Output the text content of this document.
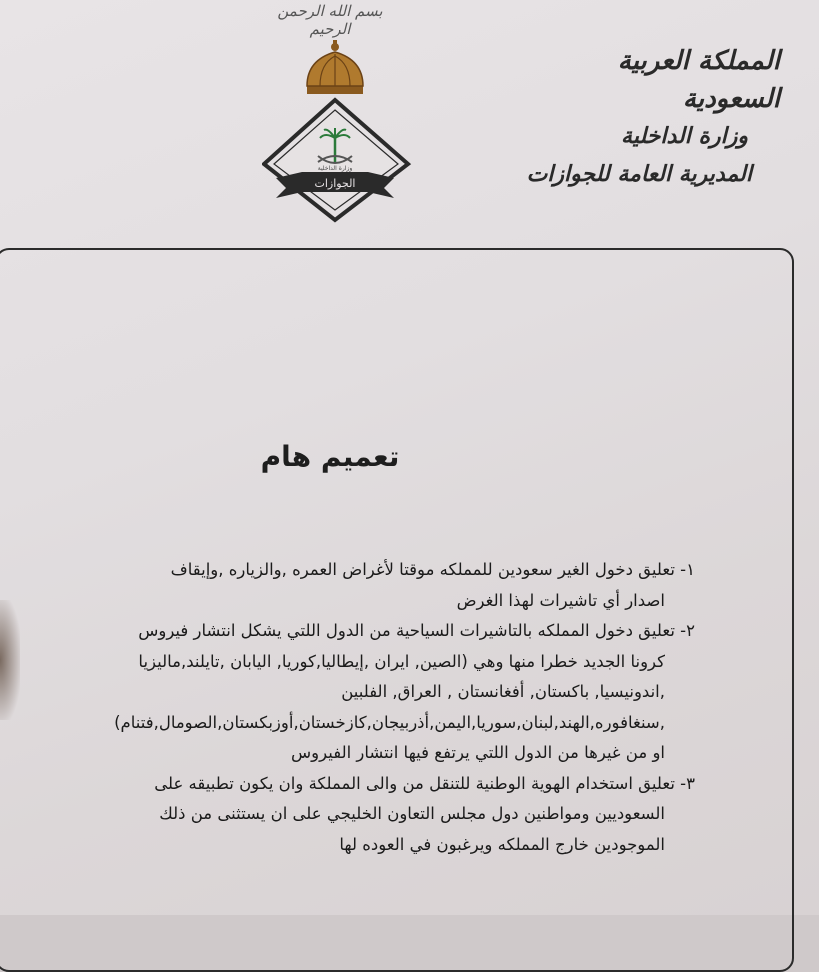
بسم الله الرحمن الرحيم
الجوازات
وزارة الداخلية
المملكة العربية السعودية
وزارة الداخلية
المديرية العامة للجوازات
تعميم هام
١- تعليق دخول الغير سعودين للمملكه موقتا لأغراض العمره ,والزياره ,وإيقاف
اصدار أي تاشيرات لهذا الغرض
٢- تعليق دخول المملكه بالتاشيرات السياحية من الدول اللتي يشكل انتشار فيروس
كرونا الجديد خطرا منها وهي (الصين, ايران ,إيطاليا,كوريا, اليابان ,تايلند,ماليزيا
,اندونيسيا, باكستان, أفغانستان , العراق, الفلبين
,سنغافوره,الهند,لبنان,سوريا,اليمن,أذربيجان,كازخستان,أوزبكستان,الصومال,فتنام)
او من غيرها من الدول اللتي يرتفع فيها انتشار الفيروس
٣- تعليق استخدام الهوية الوطنية للتنقل من والى المملكة وان يكون تطبيقه على
السعوديين ومواطنين دول مجلس التعاون الخليجي على ان يستثنى من ذلك
الموجودين خارج المملكه ويرغبون في العوده لها
